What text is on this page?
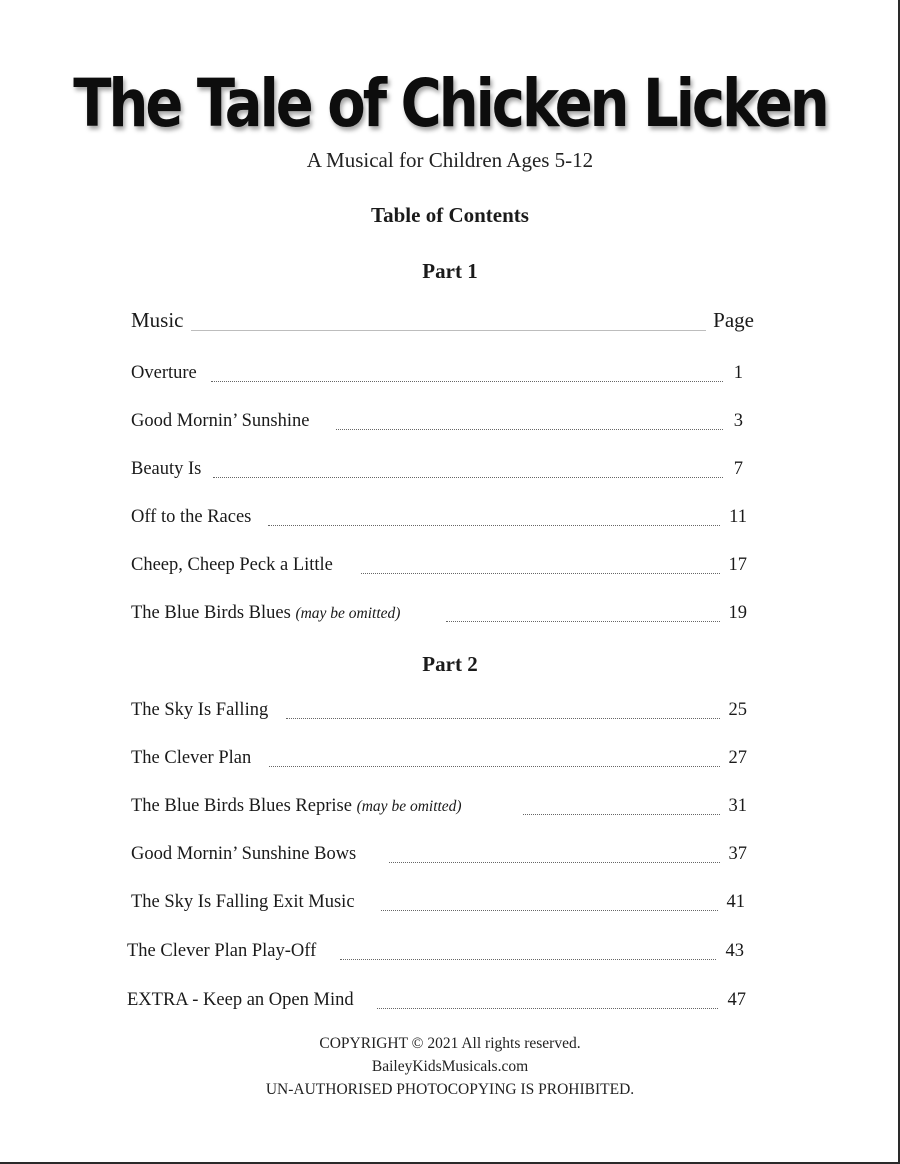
The Tale of Chicken Licken
A Musical for Children Ages 5-12
Table of Contents
Part 1
Music	Page
Overture	1
Good Mornin’ Sunshine	3
Beauty Is	7
Off to the Races	11
Cheep, Cheep Peck a Little	17
The Blue Birds Blues (may be omitted)	19
Part 2
The Sky Is Falling	25
The Clever Plan	27
The Blue Birds Blues Reprise (may be omitted)	31
Good Mornin’ Sunshine Bows	37
The Sky Is Falling Exit Music	41
The Clever Plan Play-Off	43
EXTRA - Keep an Open Mind	47
COPYRIGHT © 2021 All rights reserved.
BaileyKidsMusicals.com
UN-AUTHORISED PHOTOCOPYING IS PROHIBITED.
